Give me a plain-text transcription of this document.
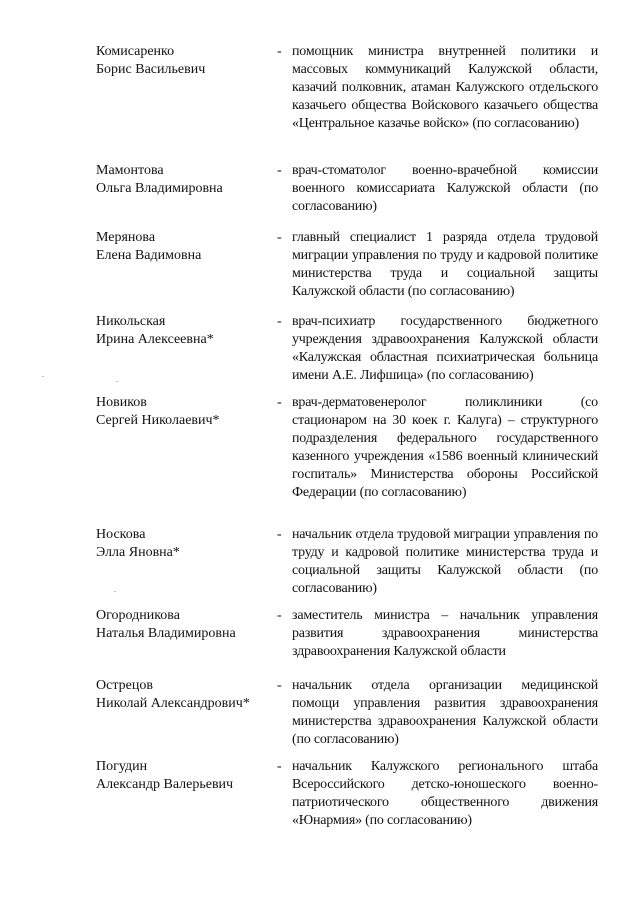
Комисаренко
Борис Васильевич
- помощник министра внутренней политики и массовых коммуникаций Калужской области, казачий полковник, атаман Калужского отдельского казачьего общества Войскового казачьего общества «Центральное казачье войско» (по согласованию)
Мамонтова
Ольга Владимировна
- врач-стоматолог военно-врачебной комиссии военного комиссариата Калужской области (по согласованию)
Мерянова
Елена Вадимовна
- главный специалист 1 разряда отдела трудовой миграции управления по труду и кадровой политике министерства труда и социальной защиты Калужской области (по согласованию)
Никольская
Ирина Алексеевна*
- врач-психиатр государственного бюджетного учреждения здравоохранения Калужской области «Калужская областная психиатрическая больница имени А.Е. Лифшица» (по согласованию)
Новиков
Сергей Николаевич*
- врач-дерматовенеролог поликлиники (со стационаром на 30 коек г. Калуга) – структурного подразделения федерального государственного казенного учреждения «1586 военный клинический госпиталь» Министерства обороны Российской Федерации (по согласованию)
Носкова
Элла Яновна*
- начальник отдела трудовой миграции управления по труду и кадровой политике министерства труда и социальной защиты Калужской области (по согласованию)
Огородникова
Наталья Владимировна
- заместитель министра – начальник управления развития здравоохранения министерства здравоохранения Калужской области
Острецов
Николай Александрович*
- начальник отдела организации медицинской помощи управления развития здравоохранения министерства здравоохранения Калужской области (по согласованию)
Погудин
Александр Валерьевич
- начальник Калужского регионального штаба Всероссийского детско-юношеского военно-патриотического общественного движения «Юнармия» (по согласованию)
